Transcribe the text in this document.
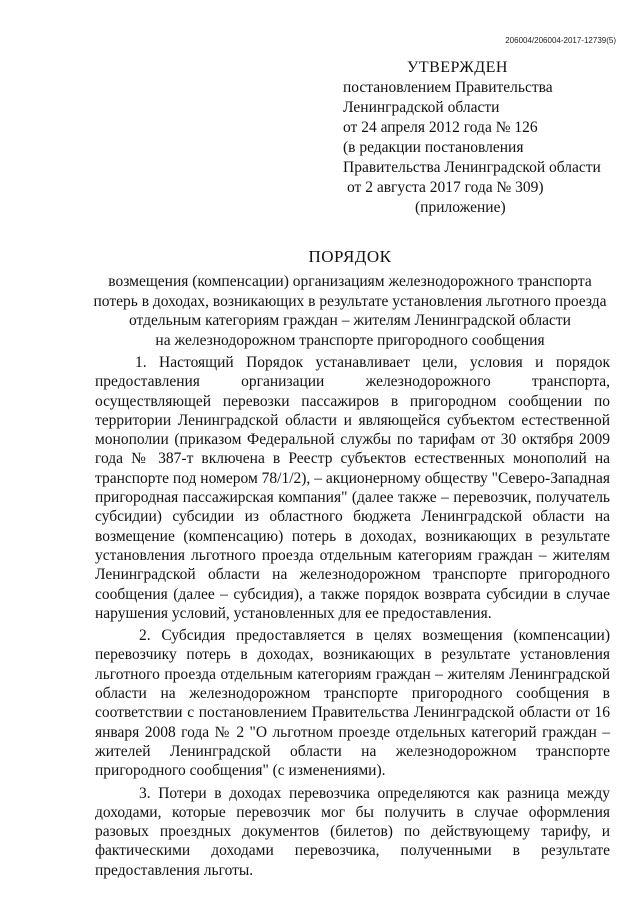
206004/206004-2017-12739(5)
УТВЕРЖДЕН
постановлением Правительства
Ленинградской области
от 24 апреля 2012 года № 126
(в редакции постановления
Правительства Ленинградской области
от 2 августа 2017 года № 309)
(приложение)
ПОРЯДОК
возмещения (компенсации) организациям железнодорожного транспорта
потерь в доходах, возникающих в результате установления льготного проезда
отдельным категориям граждан – жителям Ленинградской области
на железнодорожном транспорте пригородного сообщения

1. Настоящий Порядок устанавливает цели, условия и порядок предоставления организации железнодорожного транспорта, осуществляющей перевозки пассажиров в пригородном сообщении по территории Ленинградской области и являющейся субъектом естественной монополии (приказом Федеральной службы по тарифам от 30 октября 2009 года № 387-т включена в Реестр субъектов естественных монополий на транспорте под номером 78/1/2), – акционерному обществу "Северо-Западная пригородная пассажирская компания" (далее также – перевозчик, получатель субсидии) субсидии из областного бюджета Ленинградской области на возмещение (компенсацию) потерь в доходах, возникающих в результате установления льготного проезда отдельным категориям граждан – жителям Ленинградской области на железнодорожном транспорте пригородного сообщения (далее – субсидия), а также порядок возврата субсидии в случае нарушения условий, установленных для ее предоставления.

2. Субсидия предоставляется в целях возмещения (компенсации) перевозчику потерь в доходах, возникающих в результате установления льготного проезда отдельным категориям граждан – жителям Ленинградской области на железнодорожном транспорте пригородного сообщения в соответствии с постановлением Правительства Ленинградской области от 16 января 2008 года № 2 "О льготном проезде отдельных категорий граждан – жителей Ленинградской области на железнодорожном транспорте пригородного сообщения" (с изменениями).

3. Потери в доходах перевозчика определяются как разница между доходами, которые перевозчик мог бы получить в случае оформления разовых проездных документов (билетов) по действующему тарифу, и фактическими доходами перевозчика, полученными в результате предоставления льготы.
